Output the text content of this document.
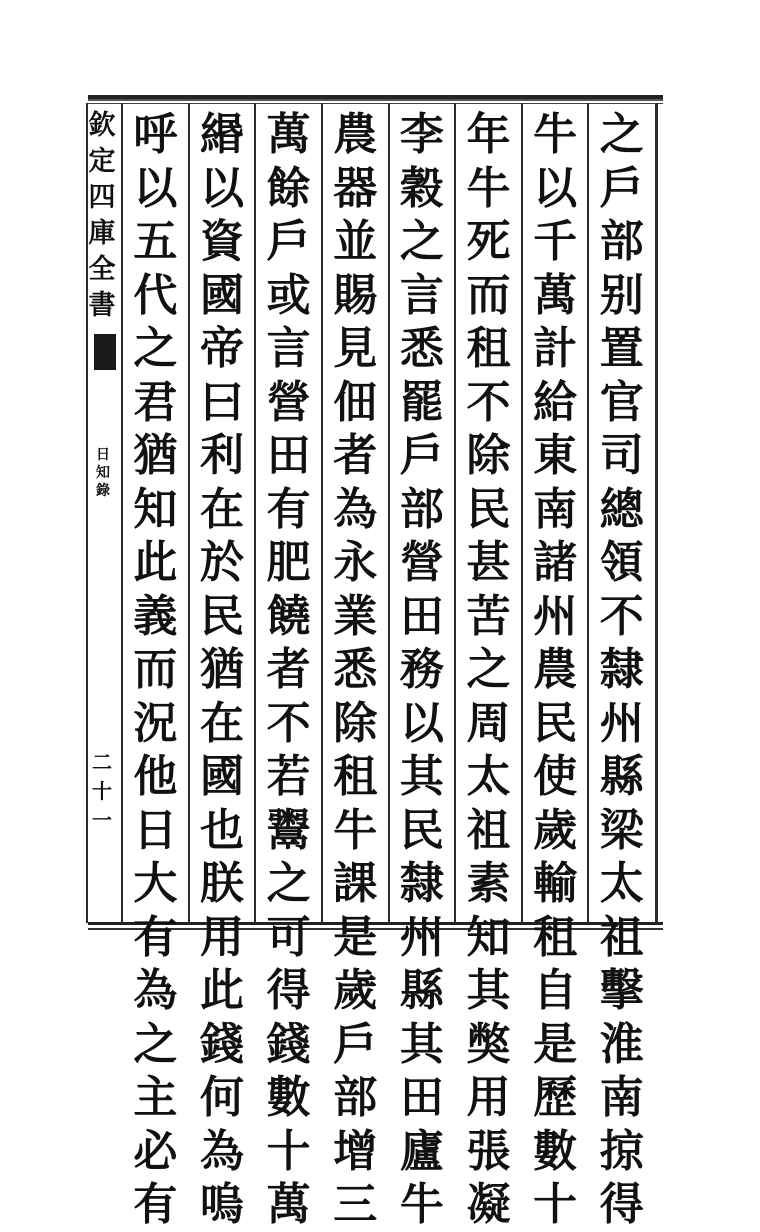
欽
定
四
庫
全
書
日
知
錄
二十一
之
戶
部
别
置
官
司
總
領
不
隸
州
縣
梁
太
祖
擊
淮
南
掠
得
牛
以
千
萬
計
給
東
南
諸
州
農
民
使
歲
輸
租
自
是
歷
數
十
年
牛
死
而
租
不
除
民
甚
苦
之
周
太
祖
素
知
其
獘
用
張
凝
李
穀
之
言
悉
罷
戶
部
營
田
務
以
其
民
隸
州
縣
其
田
廬
牛
農
器
並
賜
見
佃
者
為
永
業
悉
除
租
牛
課
是
歲
戶
部
增
三
萬
餘
戶
或
言
營
田
有
肥
饒
者
不
若
鬻
之
可
得
錢
數
十
萬
緡
以
資
國
帝
曰
利
在
於
民
猶
在
國
也
朕
用
此
錢
何
為
嗚
呼
以
五
代
之
君
猶
知
此
義
而
況
他
日
大
有
為
之
主
必
有
